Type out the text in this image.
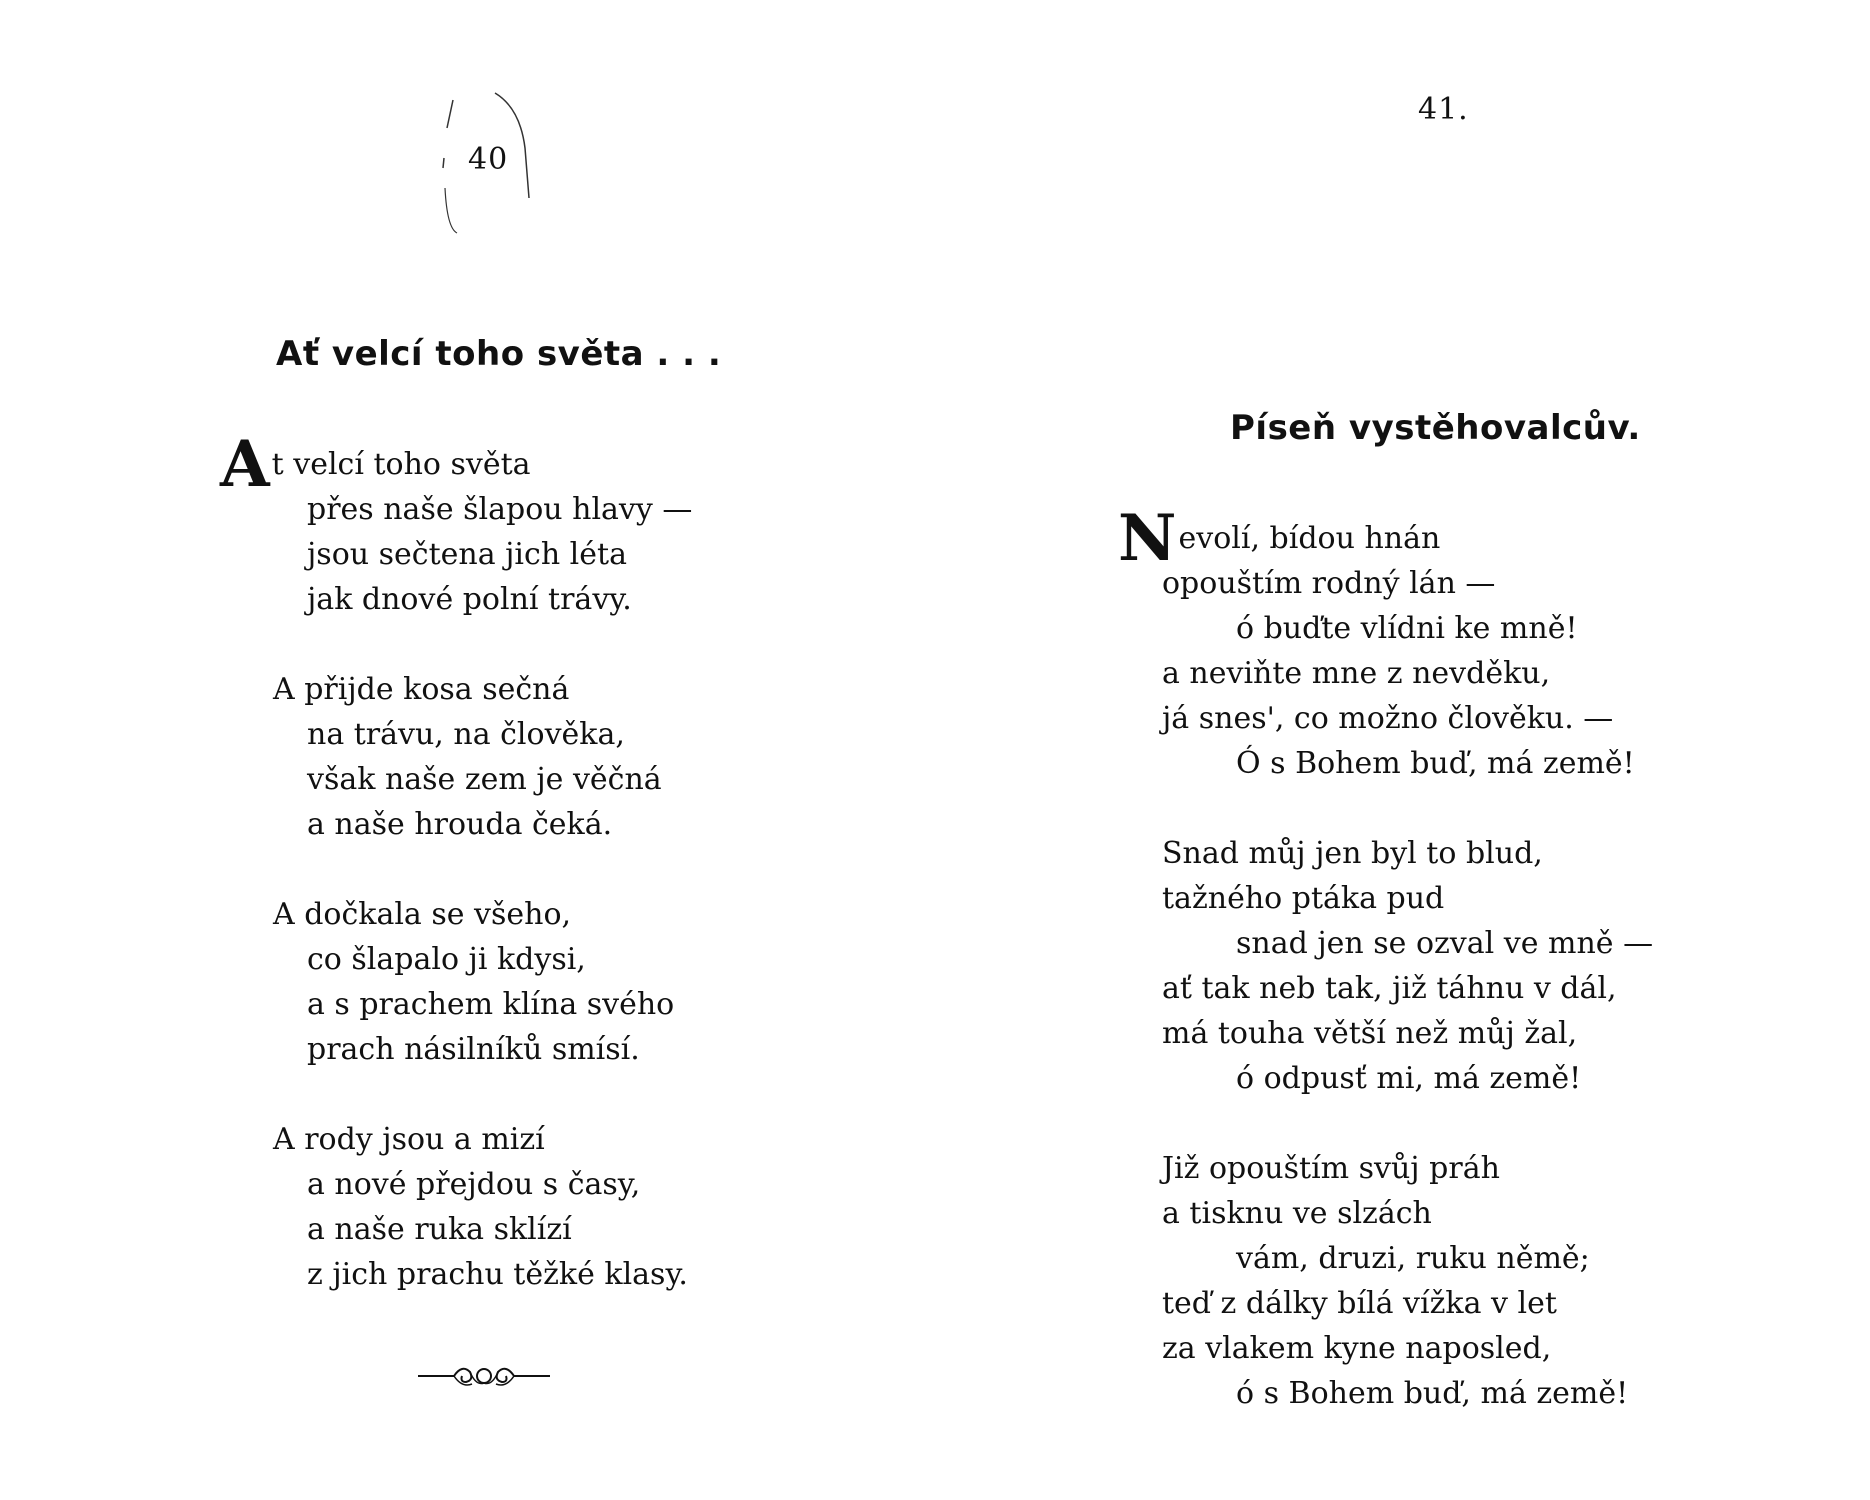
40
Ať velcí toho světa . . .
At velcí toho světa
přes naše šlapou hlavy —
jsou sečtena jich léta
jak dnové polní trávy.
A přijde kosa sečná
na trávu, na člověka,
však naše zem je věčná
a naše hrouda čeká.
A dočkala se všeho,
co šlapalo ji kdysi,
a s prachem klína svého
prach násilníků smísí.
A rody jsou a mizí
a nové přejdou s časy,
a naše ruka sklízí
z jich prachu těžké klasy.
41.
Píseň vystěhovalcův.
Nevolí, bídou hnán
opouštím rodný lán —
ó buďte vlídni ke mně!
a neviňte mne z nevděku,
já snes', co možno člověku. —
Ó s Bohem buď, má země!
Snad můj jen byl to blud,
tažného ptáka pud
snad jen se ozval ve mně —
ať tak neb tak, již táhnu v dál,
má touha větší než můj žal,
ó odpusť mi, má země!
Již opouštím svůj práh
a tisknu ve slzách
vám, druzi, ruku němě;
teď z dálky bílá vížka v let
za vlakem kyne naposled,
ó s Bohem buď, má země!
